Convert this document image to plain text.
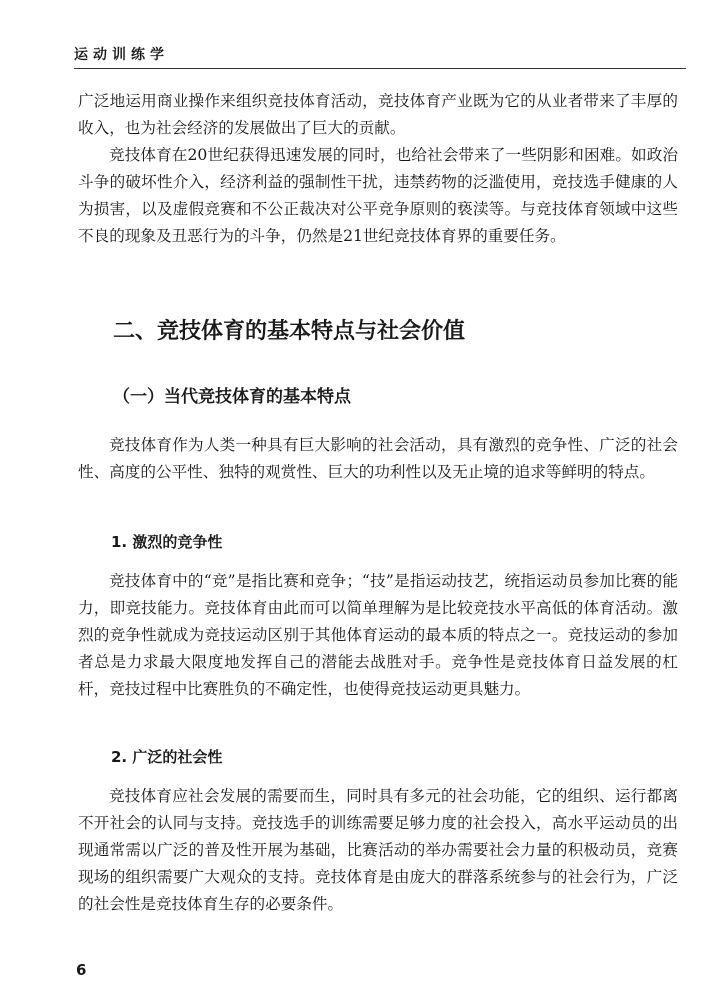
运动训练学

广泛地运用商业操作来组织竞技体育活动，竞技体育产业既为它的从业者带来了丰厚的收入，也为社会经济的发展做出了巨大的贡献。

竞技体育在20世纪获得迅速发展的同时，也给社会带来了一些阴影和困难。如政治斗争的破坏性介入，经济利益的强制性干扰，违禁药物的泛滥使用，竞技选手健康的人为损害，以及虚假竞赛和不公正裁决对公平竞争原则的亵渎等。与竞技体育领域中这些不良的现象及丑恶行为的斗争，仍然是21世纪竞技体育界的重要任务。

二、竞技体育的基本特点与社会价值
（一）当代竞技体育的基本特点

竞技体育作为人类一种具有巨大影响的社会活动，具有激烈的竞争性、广泛的社会性、高度的公平性、独特的观赏性、巨大的功利性以及无止境的追求等鲜明的特点。

1. 激烈的竞争性

竞技体育中的“竞”是指比赛和竞争；“技”是指运动技艺，统指运动员参加比赛的能力，即竞技能力。竞技体育由此而可以简单理解为是比较竞技水平高低的体育活动。激烈的竞争性就成为竞技运动区别于其他体育运动的最本质的特点之一。竞技运动的参加者总是力求最大限度地发挥自己的潜能去战胜对手。竞争性是竞技体育日益发展的杠杆，竞技过程中比赛胜负的不确定性，也使得竞技运动更具魅力。

2. 广泛的社会性

竞技体育应社会发展的需要而生，同时具有多元的社会功能，它的组织、运行都离不开社会的认同与支持。竞技选手的训练需要足够力度的社会投入，高水平运动员的出现通常需以广泛的普及性开展为基础，比赛活动的举办需要社会力量的积极动员，竞赛现场的组织需要广大观众的支持。竞技体育是由庞大的群落系统参与的社会行为，广泛的社会性是竞技体育生存的必要条件。

6
